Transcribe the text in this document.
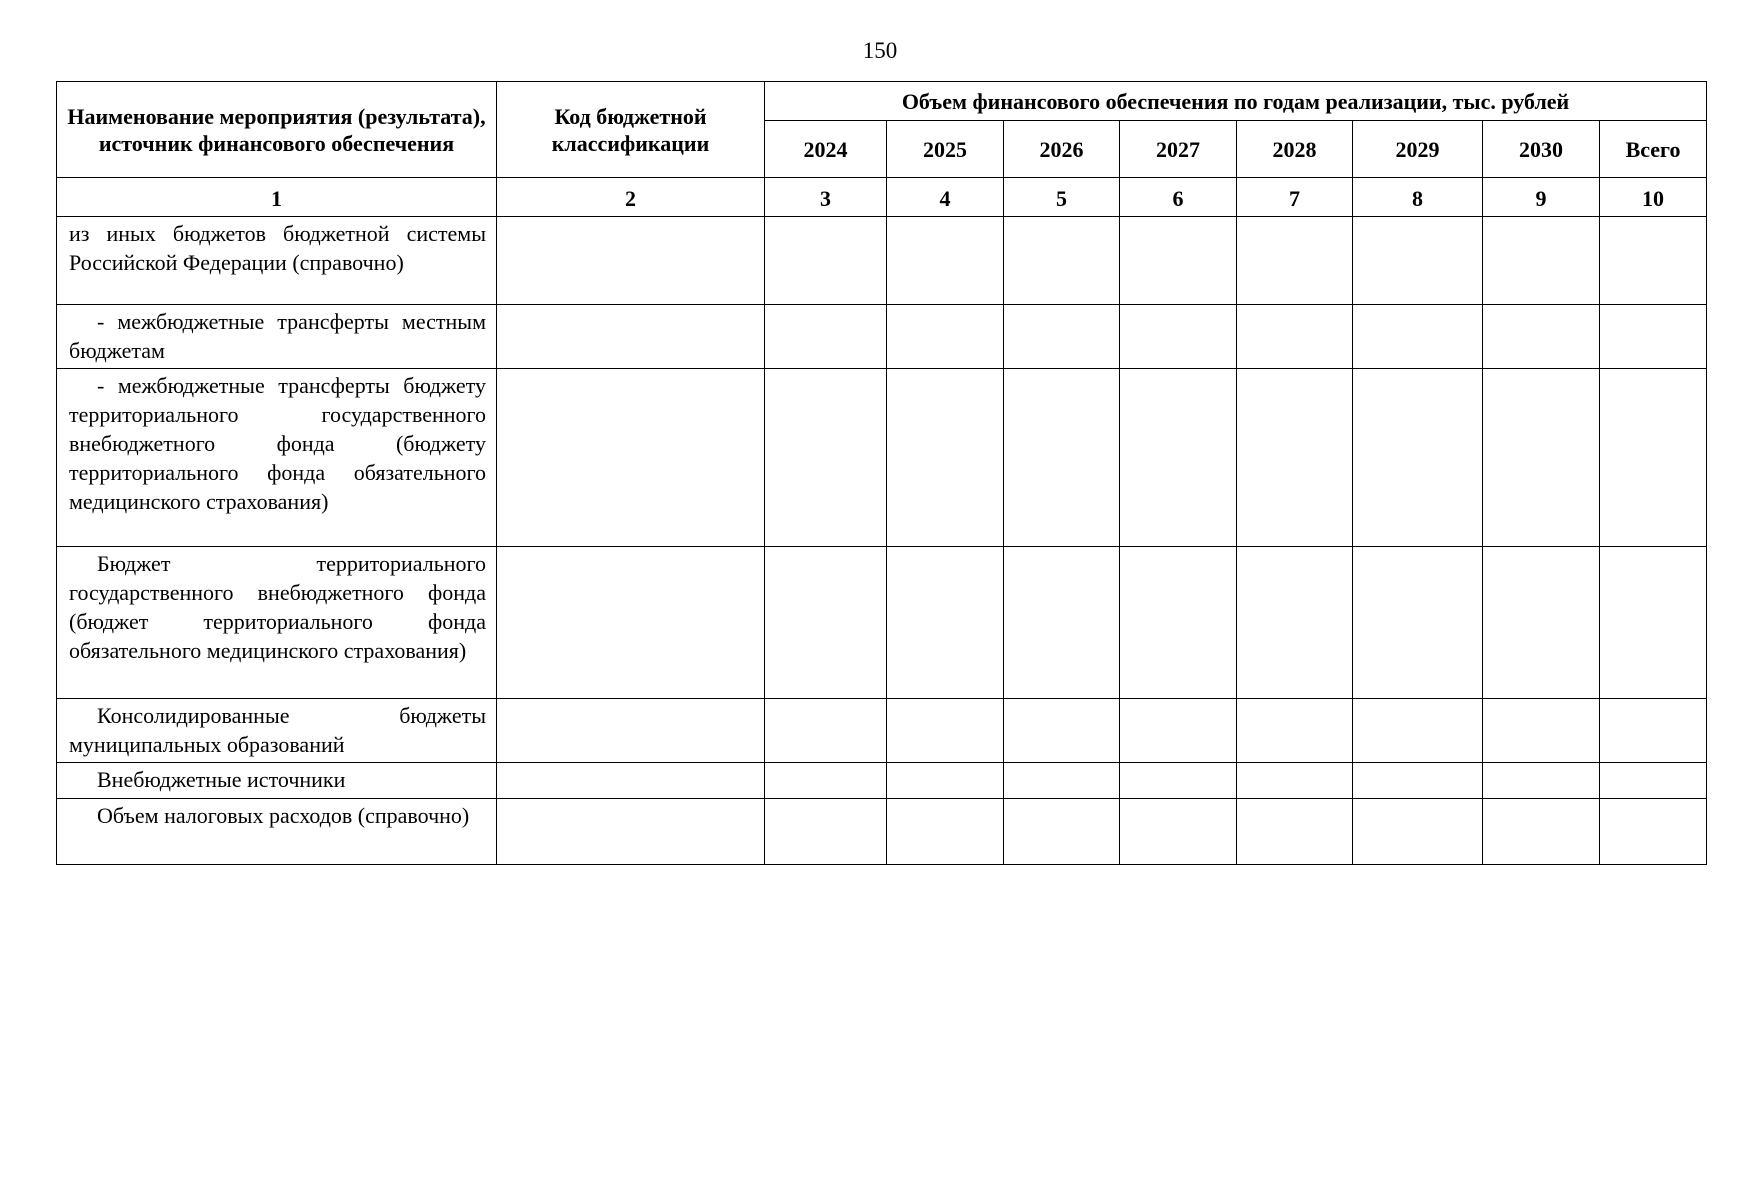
150
Наименование мероприятия (результата), источник финансового обеспечения	Код бюджетной классификации	Объем финансового обеспечения по годам реализации, тыс. рублей							
		2024	2025	2026	2027	2028	2029	2030	Всего
1	2	3	4	5	6	7	8	9	10

из иных бюджетов бюджетной системы Российской Федерации (справочно)									

- межбюджетные трансферты местным бюджетам									

- межбюджетные трансферты бюджету территориального государственного внебюджетного фонда (бюджету территориального фонда обязательного медицинского страхования)									

Бюджет территориального государственного внебюджетного фонда (бюджет территориального фонда обязательного медицинского страхования)									

Консолидированные бюджеты муниципальных образований									

Внебюджетные источники									

Объем налоговых расходов (справочно)									
